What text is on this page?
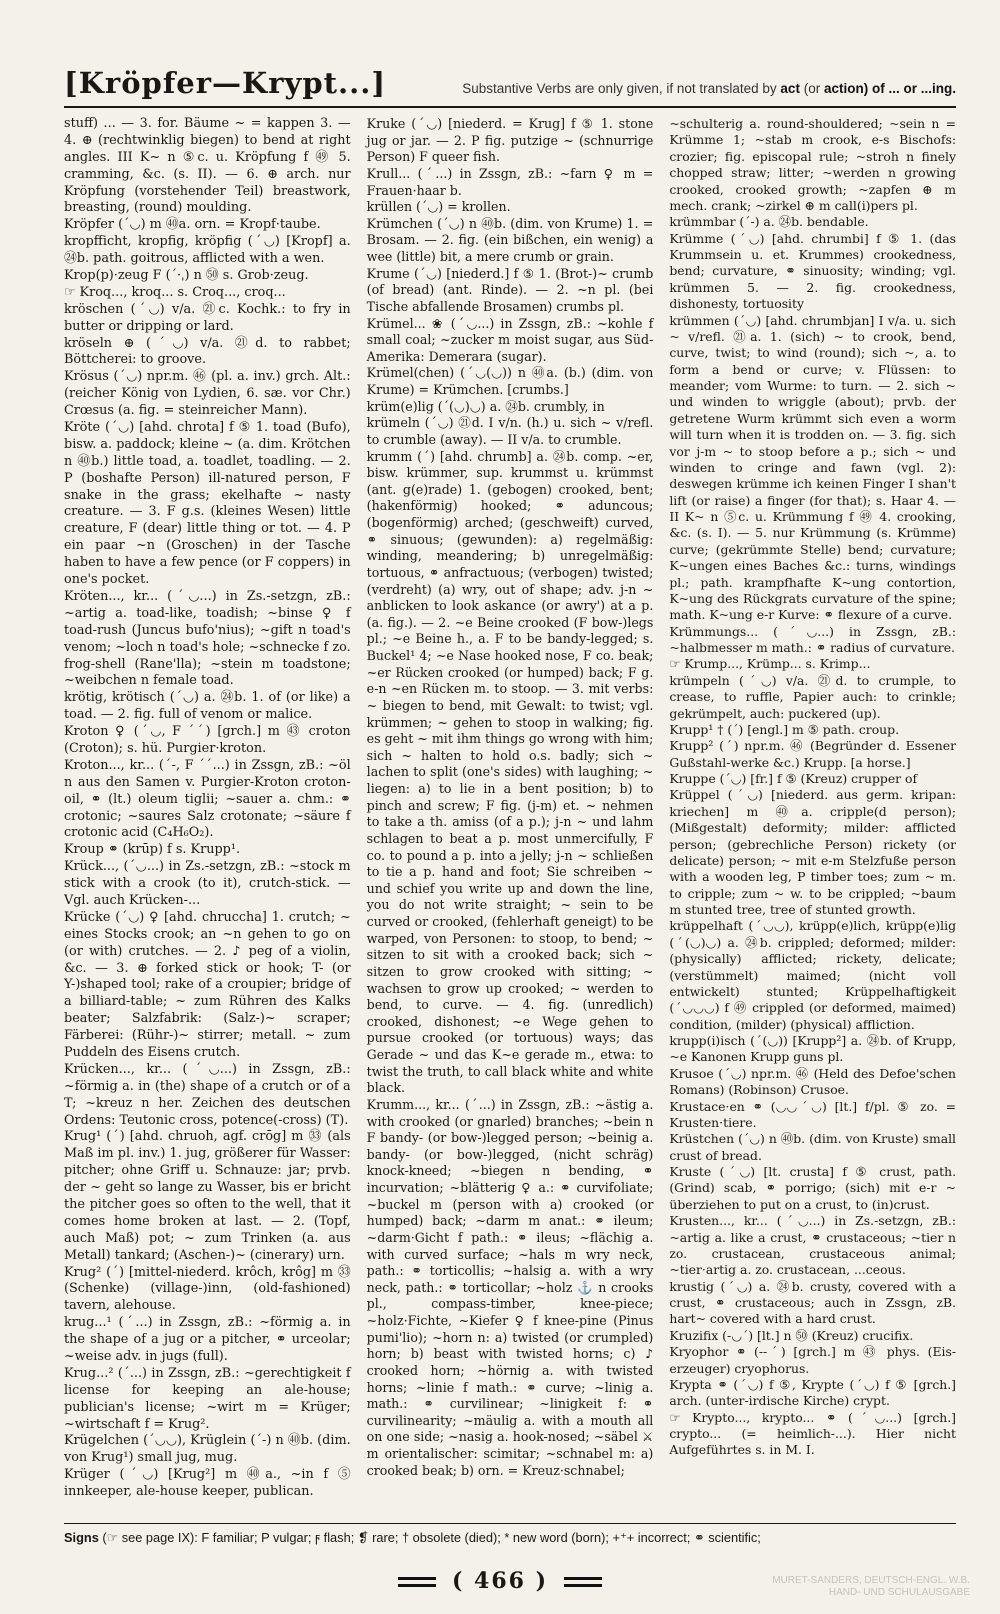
[Kröpfer—Krypt...]	Substantive Verbs are only given, if not translated by act (or action) of ... or ...ing.

stuff) ... — 3. for. Bäume ~ = kappen 3. — 4. ⊕ (rechtwinklig biegen) to bend at right angles. III K~ n ⑤c. u. Kröpfung f ㊾ 5. cramming, &c. (s. II). — 6. ⊕ arch. nur Kröpfung (vorstehender Teil) breastwork, breasting, (round) moulding.

Kröpfer (ˊ◡) m ㊵a. orn. = Kropf·taube.

kropfficht, kropfig, kröpfig (ˊ◡) [Kropf] a. ㉔b. path. goitrous, afflicted with a wen.

Krop(p)·zeug F (ˊ·ˌ) n ㊿ s. Grob·zeug.

☞ Kroq..., kroq... s. Croq..., croq...

kröschen (ˊ◡) v/a. ㉑c. Kochk.: to fry in butter or dripping or lard.

kröseln ⊕ (ˊ◡) v/a. ㉑d. to rabbet; Böttcherei: to groove.

Krösus (ˊ◡) npr.m. ㊻ (pl. a. inv.) grch. Alt.: (reicher König von Lydien, 6. sæ. vor Chr.) Crœsus (a. fig. = steinreicher Mann).

Kröte (ˊ◡) [ahd. chrota] f ⑤ 1. toad (Bufo), bisw. a. paddock; kleine ~ (a. dim. Krötchen n ㊵b.) little toad, a. toadlet, toadling. — 2. P (boshafte Person) ill-natured person, F snake in the grass; ekelhafte ~ nasty creature. — 3. F g.s. (kleines Wesen) little creature, F (dear) little thing or tot. — 4. P ein paar ~n (Groschen) in der Tasche haben to have a few pence (or F coppers) in one's pocket.

Kröten..., kr... (ˊ◡...) in Zs.-setzgn, zB.: ~artig a. toad-like, toadish; ~binse ♀ f toad-rush (Juncus bufo'nius); ~gift n toad's venom; ~loch n toad's hole; ~schnecke f zo. frog-shell (Rane'lla); ~stein m toadstone; ~weibchen n female toad.

krötig, krötisch (ˊ◡) a. ㉔b. 1. of (or like) a toad. — 2. fig. full of venom or malice.

Kroton ♀ (ˊ◡, F ˊˊ) [grch.] m ㊸ croton (Croton); s. hü. Purgier·kroton.

Kroton..., kr... (ˊ-, F ˊˊ...) in Zssgn, zB.: ~öl n aus den Samen v. Purgier-Kroton croton-oil, ⚭ (lt.) oleum tiglii; ~sauer a. chm.: ⚭ crotonic; ~saures Salz crotonate; ~säure f crotonic acid (C₄H₆O₂).

Kroup ⚭ (krūp) f s. Krupp¹.

Krück..., (ˊ◡...) in Zs.-setzgn, zB.: ~stock m stick with a crook (to it), crutch-stick. — Vgl. auch Krücken-...

Krücke (ˊ◡) ♀ [ahd. chruccha] 1. crutch; ~ eines Stocks crook; an ~n gehen to go on (or with) crutches. — 2. ♪ peg of a violin, &c. — 3. ⊕ forked stick or hook; T- (or Y-)shaped tool; rake of a croupier; bridge of a billiard-table; ~ zum Rühren des Kalks beater; Salzfabrik: (Salz-)~ scraper; Färberei: (Rühr-)~ stirrer; metall. ~ zum Puddeln des Eisens crutch.

Krücken..., kr... (ˊ◡...) in Zssgn, zB.: ~förmig a. in (the) shape of a crutch or of a T; ~kreuz n her. Zeichen des deutschen Ordens: Teutonic cross, potence(-cross) (T).

Krug¹ (ˊ) [ahd. chruoh, agf. crōg] m ㉝ (als Maß im pl. inv.) 1. jug, größerer für Wasser: pitcher; ohne Griff u. Schnauze: jar; prvb. der ~ geht so lange zu Wasser, bis er bricht the pitcher goes so often to the well, that it comes home broken at last. — 2. (Topf, auch Maß) pot; ~ zum Trinken (a. aus Metall) tankard; (Aschen-)~ (cinerary) urn.

Krug² (ˊ) [mittel-niederd. krôch, krôg] m ㉝ (Schenke) (village-)inn, (old-fashioned) tavern, alehouse.

krug...¹ (ˊ...) in Zssgn, zB.: ~förmig a. in the shape of a jug or a pitcher, ⚭ urceolar; ~weise adv. in jugs (full).

Krug...² (ˊ...) in Zssgn, zB.: ~gerechtigkeit f license for keeping an ale-house; publician's license; ~wirt m = Krüger; ~wirtschaft f = Krug².

Krügelchen (ˊ◡◡), Krüglein (ˊ-) n ㊵b. (dim. von Krug¹) small jug, mug.

Krüger (ˊ◡) [Krug²] m ㊵a., ~in f ⑤ innkeeper, ale-house keeper, publican.

Kruke (ˊ◡) [niederd. = Krug] f ⑤ 1. stone jug or jar. — 2. P fig. putzige ~ (schnurrige Person) F queer fish.

Krull... (ˊ...) in Zssgn, zB.: ~farn ♀ m = Frauen·haar b.

krüllen (ˊ◡) = krollen.

Krümchen (ˊ◡) n ㊵b. (dim. von Krume) 1. = Brosam. — 2. fig. (ein bißchen, ein wenig) a wee (little) bit, a mere crumb or grain.

Krume (ˊ◡) [niederd.] f ⑤ 1. (Brot-)~ crumb (of bread) (ant. Rinde). — 2. ~n pl. (bei Tische abfallende Brosamen) crumbs pl.

Krümel... ❀ (ˊ◡...) in Zssgn, zB.: ~kohle f small coal; ~zucker m moist sugar, aus Süd-Amerika: Demerara (sugar).

Krümel(chen) (ˊ◡(◡)) n ㊵a. (b.) (dim. von Krume) = Krümchen. [crumbs.]

krüm(e)lig (ˊ(◡)◡) a. ㉔b. crumbly, in

krümeln (ˊ◡) ㉑d. I v/n. (h.) u. sich ~ v/refl. to crumble (away). — II v/a. to crumble.

krumm (ˊ) [ahd. chrumb] a. ㉔b. comp. ~er, bisw. krümmer, sup. krummst u. krümmst (ant. g(e)rade) 1. (gebogen) crooked, bent; (hakenförmig) hooked; ⚭ aduncous; (bogenförmig) arched; (geschweift) curved, ⚭ sinuous; (gewunden): a) regelmäßig: winding, meandering; b) unregelmäßig: tortuous, ⚭ anfractuous; (verbogen) twisted; (verdreht) (a) wry, out of shape; adv. j-n ~ anblicken to look askance (or awry') at a p. (a. fig.). — 2. ~e Beine crooked (F bow-)legs pl.; ~e Beine h., a. F to be bandy-legged; s. Buckel¹ 4; ~e Nase hooked nose, F co. beak; ~er Rücken crooked (or humped) back; F g. e-n ~en Rücken m. to stoop. — 3. mit verbs: ~ biegen to bend, mit Gewalt: to twist; vgl. krümmen; ~ gehen to stoop in walking; fig. es geht ~ mit ihm things go wrong with him; sich ~ halten to hold o.s. badly; sich ~ lachen to split (one's sides) with laughing; ~ liegen: a) to lie in a bent position; b) to pinch and screw; F fig. (j-m) et. ~ nehmen to take a th. amiss (of a p.); j-n ~ und lahm schlagen to beat a p. most unmercifully, F co. to pound a p. into a jelly; j-n ~ schließen to tie a p. hand and foot; Sie schreiben ~ und schief you write up and down the line, you do not write straight; ~ sein to be curved or crooked, (fehlerhaft geneigt) to be warped, von Personen: to stoop, to bend; ~ sitzen to sit with a crooked back; sich ~ sitzen to grow crooked with sitting; ~ wachsen to grow up crooked; ~ werden to bend, to curve. — 4. fig. (unredlich) crooked, dishonest; ~e Wege gehen to pursue crooked (or tortuous) ways; das Gerade ~ und das K~e gerade m., etwa: to twist the truth, to call black white and white black.

Krumm..., kr... (ˊ...) in Zssgn, zB.: ~ästig a. with crooked (or gnarled) branches; ~bein n F bandy- (or bow-)legged person; ~beinig a. bandy- (or bow-)legged, (nicht schräg) knock-kneed; ~biegen n bending, ⚭ incurvation; ~blätterig ♀ a.: ⚭ curvifoliate; ~buckel m (person with a) crooked (or humped) back; ~darm m anat.: ⚭ ileum; ~darm·Gicht f path.: ⚭ ileus; ~flächig a. with curved surface; ~hals m wry neck, path.: ⚭ torticollis; ~halsig a. with a wry neck, path.: ⚭ torticollar; ~holz ⚓ n crooks pl., compass-timber, knee-piece; ~holz·Fichte, ~Kiefer ♀ f knee-pine (Pinus pumi'lio); ~horn n: a) twisted (or crumpled) horn; b) beast with twisted horns; c) ♪ crooked horn; ~hörnig a. with twisted horns; ~linie f math.: ⚭ curve; ~linig a. math.: ⚭ curvilinear; ~linigkeit f: ⚭ curvilinearity; ~mäulig a. with a mouth all on one side; ~nasig a. hook-nosed; ~säbel ⚔ m orientalischer: scimitar; ~schnabel m: a) crooked beak; b) orn. = Kreuz·schnabel;

~schulterig a. round-shouldered; ~sein n = Krümme 1; ~stab m crook, e-s Bischofs: crozier; fig. episcopal rule; ~stroh n finely chopped straw; litter; ~werden n growing crooked, crooked growth; ~zapfen ⊕ m mech. crank; ~zirkel ⊕ m call(i)pers pl.

krümmbar (ˊ-) a. ㉔b. bendable.

Krümme (ˊ◡) [ahd. chrumbi] f ⑤ 1. (das Krummsein u. et. Krummes) crookedness, bend; curvature, ⚭ sinuosity; winding; vgl. krümmen 5. — 2. fig. crookedness, dishonesty, tortuosity

krümmen (ˊ◡) [ahd. chrumbjan] I v/a. u. sich ~ v/refl. ㉑a. 1. (sich) ~ to crook, bend, curve, twist; to wind (round); sich ~, a. to form a bend or curve; v. Flüssen: to meander; vom Wurme: to turn. — 2. sich ~ und winden to wriggle (about); prvb. der getretene Wurm krümmt sich even a worm will turn when it is trodden on. — 3. fig. sich vor j-m ~ to stoop before a p.; sich ~ und winden to cringe and fawn (vgl. 2): deswegen krümme ich keinen Finger I shan't lift (or raise) a finger (for that); s. Haar 4. — II K~ n ⑤c. u. Krümmung f ㊾ 4. crooking, &c. (s. I). — 5. nur Krümmung (s. Krümme) curve; (gekrümmte Stelle) bend; curvature; K~ungen eines Baches &c.: turns, windings pl.; path. krampfhafte K~ung contortion, K~ung des Rückgrats curvature of the spine; math. K~ung e-r Kurve: ⚭ flexure of a curve.

Krümmungs... (ˊ◡...) in Zssgn, zB.: ~halbmesser m math.: ⚭ radius of curvature.

☞ Krump..., Krümp... s. Krimp...

krümpeln (ˊ◡) v/a. ㉑d. to crumple, to crease, to ruffle, Papier auch: to crinkle; gekrümpelt, auch: puckered (up).

Krupp¹ † (ˊ) [engl.] m ⑤ path. croup.

Krupp² (ˊ) npr.m. ㊻ (Begründer d. Essener Gußstahl-werke &c.) Krupp. [a horse.]

Kruppe (ˊ◡) [fr.] f ⑤ (Kreuz) crupper of

Krüppel (ˊ◡) [niederd. aus germ. kripan: kriechen] m ㊵a. cripple(d person); (Mißgestalt) deformity; milder: afflicted person; (gebrechliche Person) rickety (or delicate) person; ~ mit e-m Stelzfuße person with a wooden leg, P timber toes; zum ~ m. to cripple; zum ~ w. to be crippled; ~baum m stunted tree, tree of stunted growth.

krüppelhaft (ˊ◡◡), krüpp(e)lich, krüpp(e)lig (ˊ(◡)◡) a. ㉔b. crippled; deformed; milder: (physically) afflicted; rickety, delicate; (verstümmelt) maimed; (nicht voll entwickelt) stunted; Krüppelhaftigkeit (ˊ◡◡◡) f ㊾ crippled (or deformed, maimed) condition, (milder) (physical) affliction.

krupp(i)isch (ˊ(◡)) [Krupp²] a. ㉔b. of Krupp, ~e Kanonen Krupp guns pl.

Krusoe (ˊ◡) npr.m. ㊻ (Held des Defoe'schen Romans) (Robinson) Crusoe.

Krustace·en ⚭ (◡◡ˊ◡) [lt.] f/pl. ⑤ zo. = Krusten·tiere.

Krüstchen (ˊ◡) n ㊵b. (dim. von Kruste) small crust of bread.

Kruste (ˊ◡) [lt. crusta] f ⑤ crust, path. (Grind) scab, ⚭ porrigo; (sich) mit e-r ~ überziehen to put on a crust, to (in)crust.

Krusten..., kr... (ˊ◡...) in Zs.-setzgn, zB.: ~artig a. like a crust, ⚭ crustaceous; ~tier n zo. crustacean, crustaceous animal; ~tier·artig a. zo. crustacean, ...ceous.

krustig (ˊ◡) a. ㉔b. crusty, covered with a crust, ⚭ crustaceous; auch in Zssgn, zB. hart~ covered with a hard crust.

Kruzifix (-◡ˊ) [lt.] n ㊿ (Kreuz) crucifix.

Kryophor ⚭ (--ˊ) [grch.] m ㊸ phys. (Eis-erzeuger) cryophorus.

Krypta ⚭ (ˊ◡) f ⑤, Krypte (ˊ◡) f ⑤ [grch.] arch. (unter-irdische Kirche) crypt.

☞ Krypto..., krypto... ⚭ (ˊ◡...) [grch.] crypto... (= heimlich-...). Hier nicht Aufgeführtes s. in M. I.

Signs (☞ see page IX): F familiar; P vulgar; ϝ flash; ❡ rare; † obsolete (died); * new word (born); +⁺+ incorrect; ⚭ scientific;
( 466 )	MURET-SANDERS, DEUTSCH-ENGL. W.B.
HAND- UND SCHULAUSGABE
